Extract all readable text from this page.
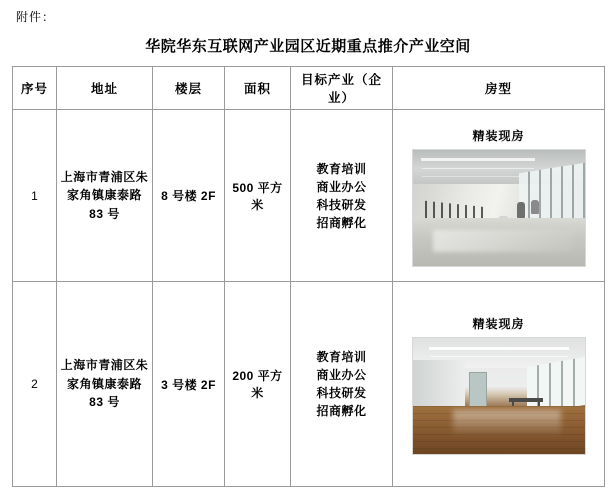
附件：
华院华东互联网产业园区近期重点推介产业空间
序号	地址	楼层	面积	目标产业（企业）	房型
1	上海市青浦区朱家角镇康泰路 83 号	8 号楼 2F	500 平方米	教育培训
商业办公
科技研发
招商孵化	精装现房

2	上海市青浦区朱家角镇康泰路 83 号	3 号楼 2F	200 平方米	教育培训
商业办公
科技研发
招商孵化	精装现房
